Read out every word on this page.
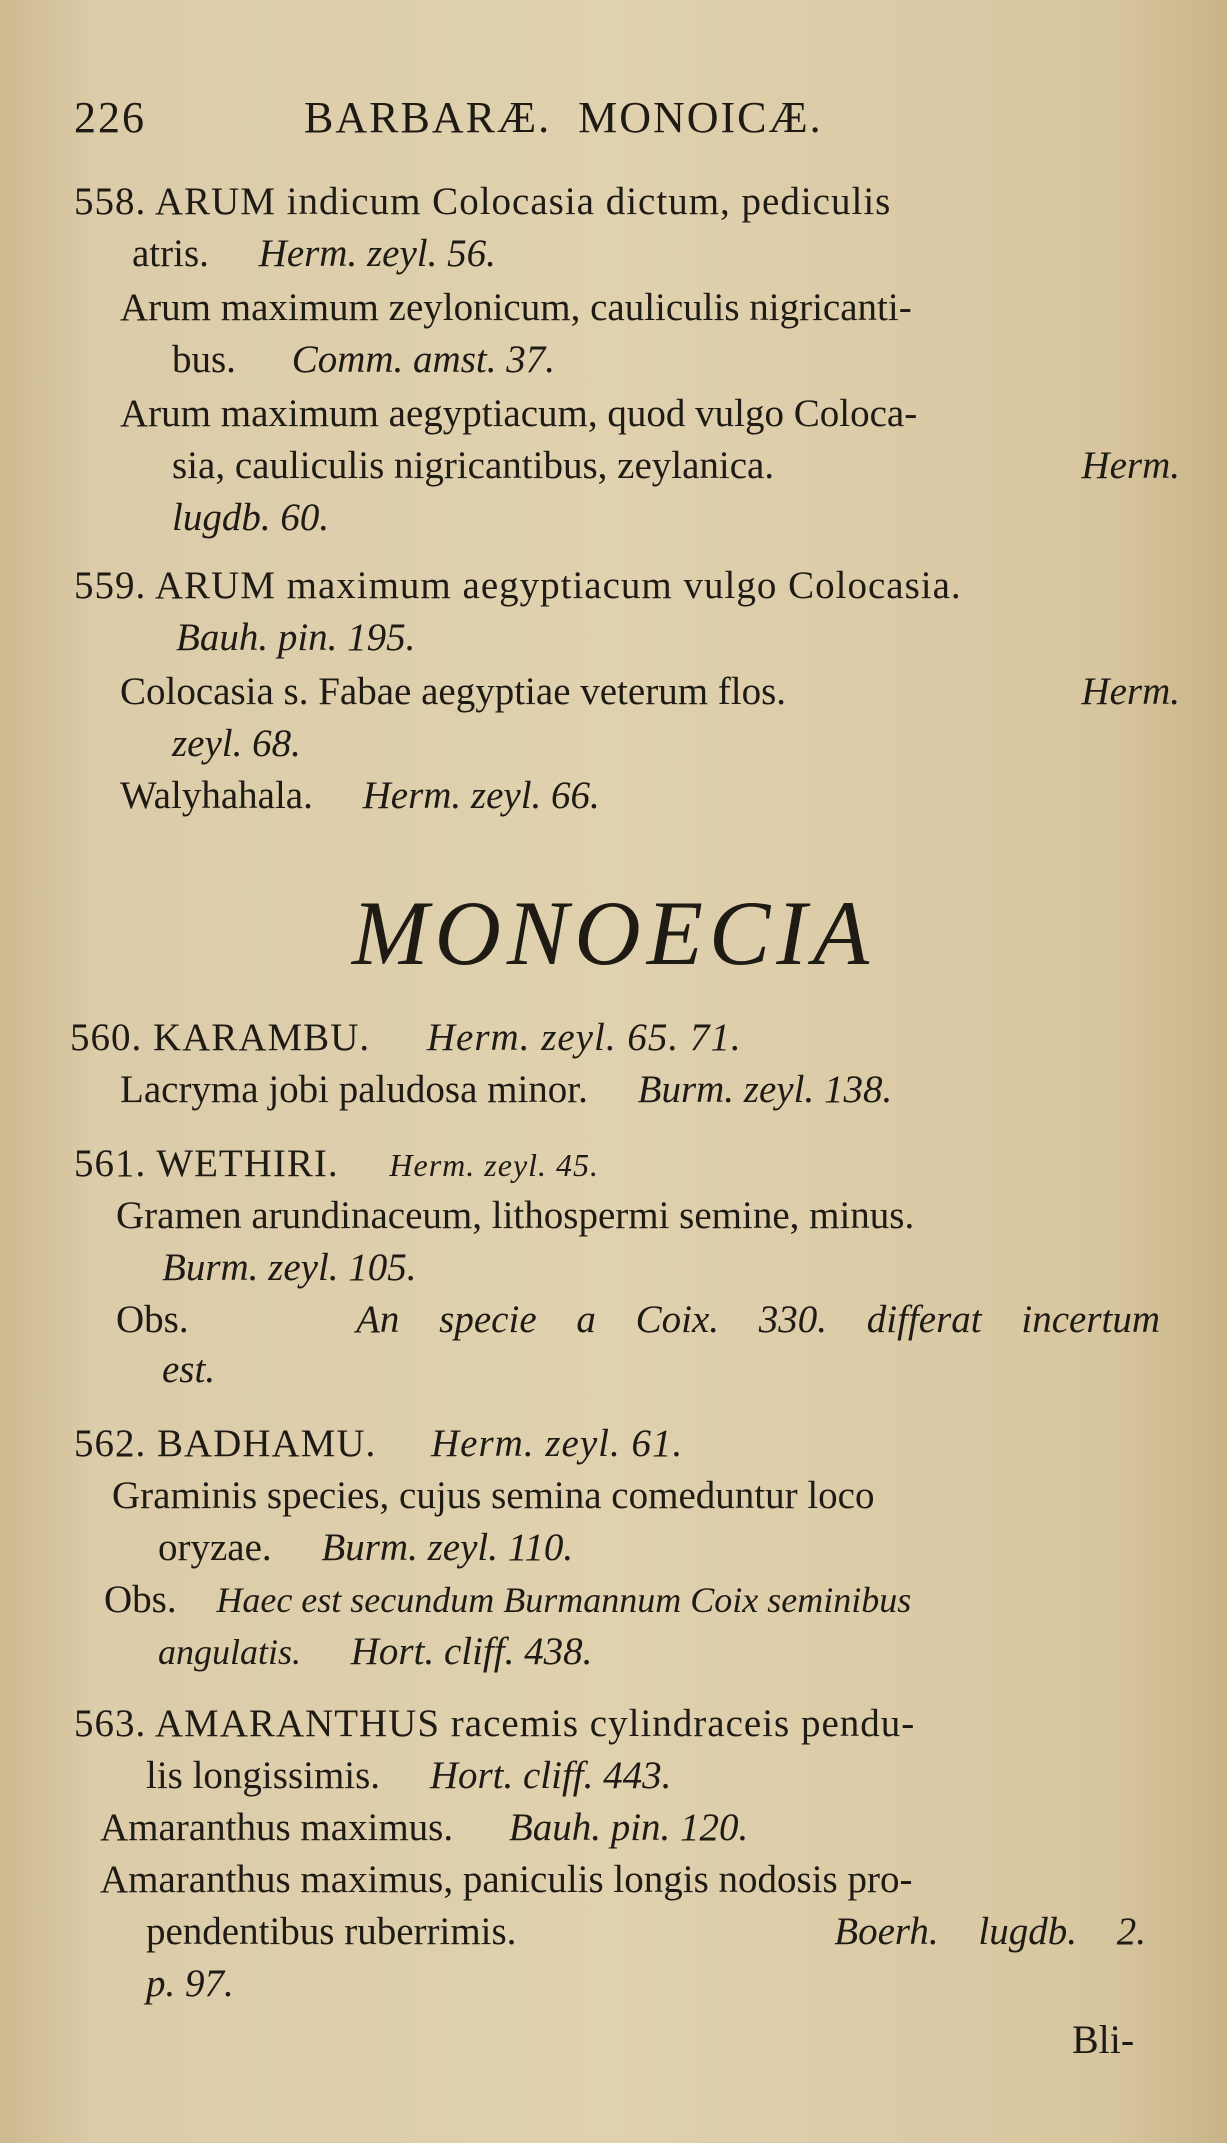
226	BARBARÆ. MONOICÆ.
558. ARUM indicum Colocasia dictum, pediculis
atris. Herm. zeyl. 56.
Arum maximum zeylonicum, cauliculis nigricanti-
bus. Comm. amst. 37.
Arum maximum aegyptiacum, quod vulgo Coloca-
sia, cauliculis nigricantibus, zeylanica.	Herm.
lugdb. 60.
559. ARUM maximum aegyptiacum vulgo Colocasia.
Bauh. pin. 195.
Colocasia s. Fabae aegyptiae veterum flos.	Herm.
zeyl. 68.
Walyhahala. Herm. zeyl. 66.
MONOECIA
560. KARAMBU. Herm. zeyl. 65. 71.
Lacryma jobi paludosa minor. Burm. zeyl. 138.
561. WETHIRI. Herm. zeyl. 45.
Gramen arundinaceum, lithospermi semine, minus.
Burm. zeyl. 105.
Obs.	An specie a Coix. 330. differat incertum
est.
562. BADHAMU. Herm. zeyl. 61.
Graminis species, cujus semina comeduntur loco
oryzae. Burm. zeyl. 110.
Obs. Haec est secundum Burmannum Coix seminibus
angulatis. Hort. cliff. 438.
563. AMARANTHUS racemis cylindraceis pendu-
lis longissimis. Hort. cliff. 443.
Amaranthus maximus. Bauh. pin. 120.
Amaranthus maximus, paniculis longis nodosis pro-
pendentibus ruberrimis.	Boerh. lugdb. 2.
p. 97.
Bli-
